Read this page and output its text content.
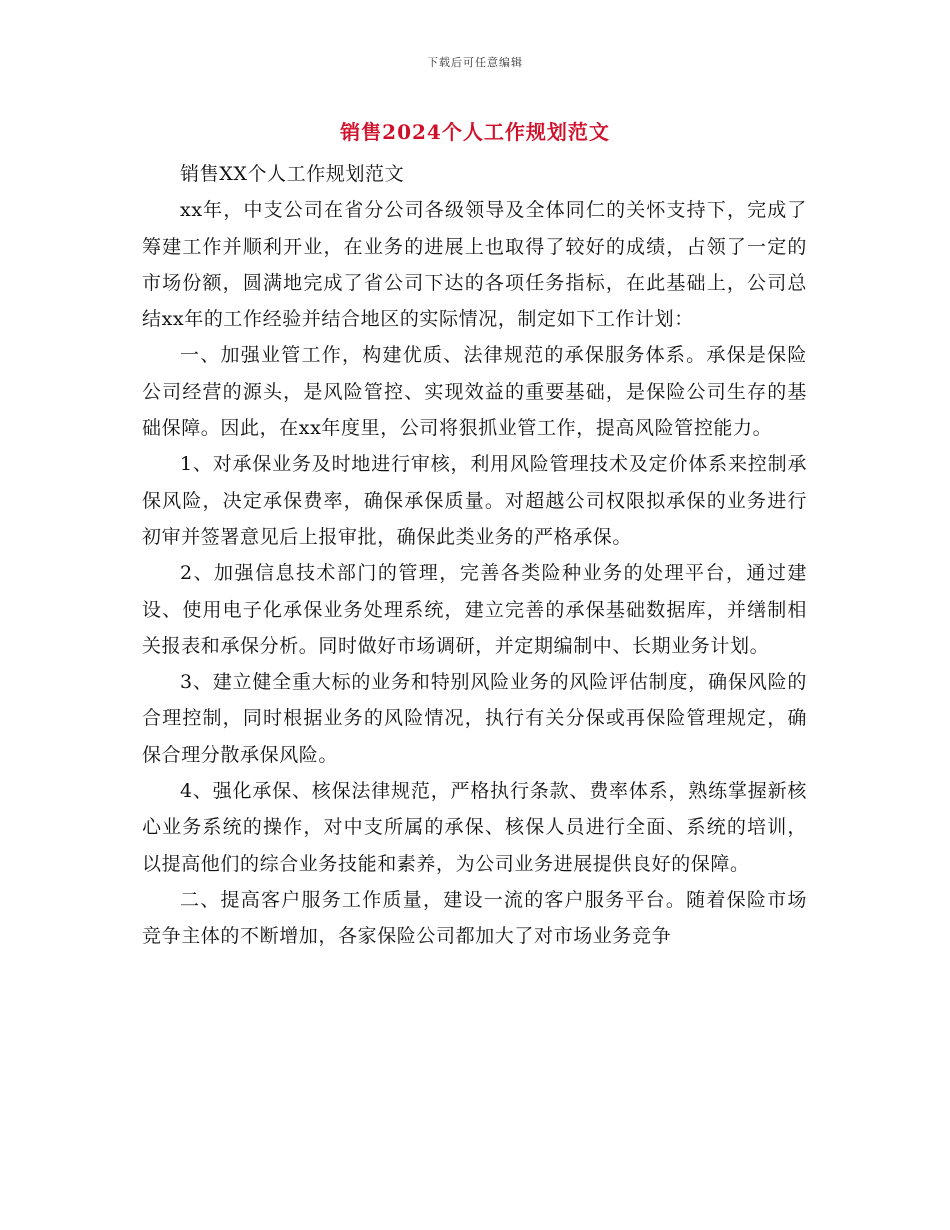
下载后可任意编辑
销售2024个人工作规划范文

销售XX个人工作规划范文

xx年，中支公司在省分公司各级领导及全体同仁的关怀支持下，完成了筹建工作并顺利开业，在业务的进展上也取得了较好的成绩，占领了一定的市场份额，圆满地完成了省公司下达的各项任务指标，在此基础上，公司总结xx年的工作经验并结合地区的实际情况，制定如下工作计划：

一、加强业管工作，构建优质、法律规范的承保服务体系。承保是保险公司经营的源头，是风险管控、实现效益的重要基础，是保险公司生存的基础保障。因此，在xx年度里，公司将狠抓业管工作，提高风险管控能力。

1、对承保业务及时地进行审核，利用风险管理技术及定价体系来控制承保风险，决定承保费率，确保承保质量。对超越公司权限拟承保的业务进行初审并签署意见后上报审批，确保此类业务的严格承保。

2、加强信息技术部门的管理，完善各类险种业务的处理平台，通过建设、使用电子化承保业务处理系统，建立完善的承保基础数据库，并缮制相关报表和承保分析。同时做好市场调研，并定期编制中、长期业务计划。

3、建立健全重大标的业务和特别风险业务的风险评估制度，确保风险的合理控制，同时根据业务的风险情况，执行有关分保或再保险管理规定，确保合理分散承保风险。

4、强化承保、核保法律规范，严格执行条款、费率体系，熟练掌握新核心业务系统的操作，对中支所属的承保、核保人员进行全面、系统的培训，以提高他们的综合业务技能和素养，为公司业务进展提供良好的保障。

二、提高客户服务工作质量，建设一流的客户服务平台。随着保险市场竞争主体的不断增加，各家保险公司都加大了对市场业务竞争
